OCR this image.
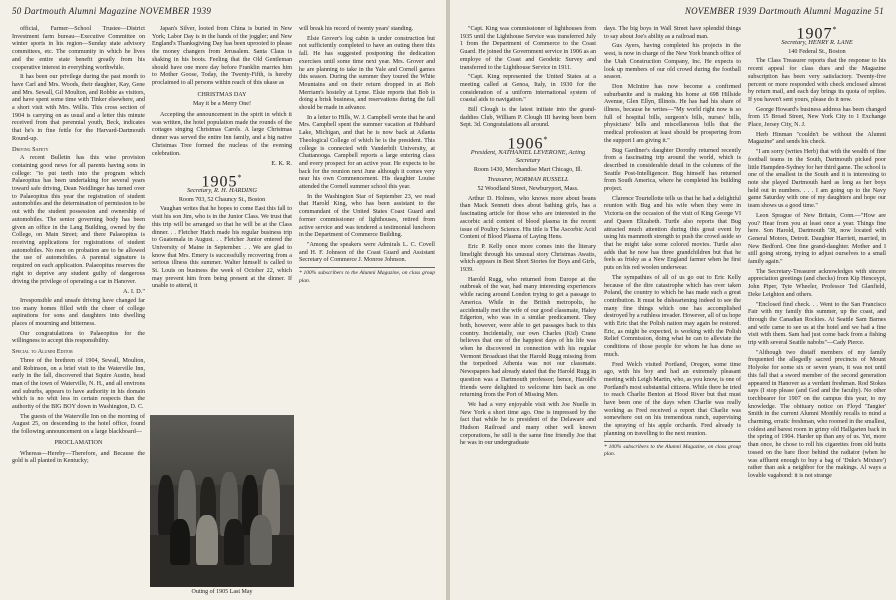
50 Dartmouth Alumni Magazine NOVEMBER 1939

official, Farmer—School Trustee—District Investment farm bureau—Executive Committee on winter sports in his region—Sunday state advisory committees, etc. The community in which he lives and the entire state benefit greatly from his cooperative interest in everything worthwhile.

It has been our privilege during the past month to have Carl and Mrs. Woods, their daughter, Kay, Gene and Mrs. Sewall, Gil Moulton, and Robbie as visitors, and have spent some time with Tinker elsewhere, and a short visit with Mrs. Willis. This cross section of 1904 is carrying on as usual and a letter this minute received from that perennial youth, Beck, indicates that he's in fine fettle for the Harvard-Dartmouth Round-up.

Driving Safety

A recent Bulletin has this wise provision containing good news for all parents having sons in college: "to put teeth into the program which Palaeopitus has been undertaking for several years toward safe driving, Dean Neidlinger has turned over to Palaeopitus this year the registration of student automobiles and the determination of permission to be out with the student possession and ownership of automobiles. The senior governing body has been given an office in the Lang Building, owned by the College, on Main Street; and there Palaeopitus is receiving applications for registrations of student automobiles. No men on probation are to be allowed the use of automobiles. A parental signature is required on each application. Palaeopitus reserves the right to deprive any student guilty of dangerous driving the privilege of operating a car in Hanover.

A. I. D."

Irresponsible and unsafe driving have changed far too many homes filled with the cheer of college aspirations for sons and daughters into dwelling places of mourning and bitterness.

Our congratulations to Palaeopitus for the willingness to accept this responsibility.

Special to Alumni Editor

Three of the brethren of 1904, Sewall, Moulton, and Robinson, on a brief visit to the Waterville Inn, early in the fall, discovered that Squire Austin, head man of the town of Waterville, N. H., and all environs and suburbs, appears to have authority in his domain which is no whit less in certain respects than the authority of the BIG BOY down in Washington, D. C.

The guests of the Waterville Inn on the morning of August 25, on descending to the hotel office, found the following announcement on a large blackboard—

PROCLAMATION

Whereas—Hereby—Therefore, and Because the gold is all planted in Kentucky;

Japan's Silver, looted from China is buried in New York; Labor Day is in the hands of the joggler; and New England's Thanksgiving Day has been uprooted to please the money changers from Jerusalem. Santa Claus is shaking in his boots. Feeling that the Old Gentleman should have one more day before Franklin marries him to Mother Goose, Today, the Twenty-Fifth, is hereby proclaimed to all persons within reach of this ukase as

CHRISTMAS DAY

May it be a Merry One!

Accepting the announcement in the spirit in which it was written, the hotel population made the rounds of the cottages singing Christmas Carols. A large Christmas dinner was served the entire Inn family, and a big native Christmas Tree formed the nucleus of the evening celebration.

E. K. R.

1905*

Secretary, R. H. HARDING

Room 703, 52 Chauncy St., Boston

Vaughan writes that he hopes to come East this fall to visit his son Jim, who is in the Junior Class. We trust that this trip will be arranged so that he will be at the Class dinner. . . Fletcher Hatch made his regular business trip to Guatemala in August. . . Fletcher Junior entered the University of Maine in September. . . We are glad to know that Mrs. Emery is successfully recovering from a serious illness this summer. Walter himself is called to St. Louis on business the week of October 22, which may prevent him from being present at the dinner. If unable to attend, it

will break his record of twenty years' standing.

Elsie Grover's log cabin is under construction but not sufficiently completed to have an outing there this fall. He has suggested postponing the dedication exercises until some time next year. Mrs. Grover and he are planning to take in the Yale and Cornell games this season. During the summer they toured the White Mountains and on their return dropped in at Bob Merriam's hostelry at Lyme. Elsie reports that Bob is doing a brisk business, and reservations during the fall should be made in advance.

In a letter to Hills, W. J. Campbell wrote that he and Mrs. Campbell spent the summer vacation at Hubbard Lake, Michigan, and that he is now back at Atlanta Theological College of which he is the president. This college is connected with Vanderbilt University, at Chattanooga. Campbell reports a large entering class and every prospect for an active year. He expects to be back for the reunion next June although it comes very near his own Commencement. His daughter Louise attended the Cornell summer school this year.

In the Washington Star of September 23, we read that Harold King, who has been assistant to the commandant of the United States Coast Guard and former commissioner of lighthouses, retired from active service and was tendered a testimonial luncheon in the Department of Commerce Building.

"Among the speakers were Admirals L. C. Covell and H. F. Johnson of the Coast Guard and Assistant Secretary of Commerce J. Monroe Johnson.

* 100% subscribers to the Alumni Magazine, on class group plan.

Outing of 1905 Last May
NOVEMBER 1939 Dartmouth Alumni Magazine 51

"Capt. King was commissioner of lighthouses from 1935 until the Lighthouse Service was transferred July 1 from the Department of Commerce to the Coast Guard. He joined the Government service in 1906 as an employe of the Coast and Geodetic Survey and transferred to the Lighthouse Service in 1911.

"Capt. King represented the United States at a meeting called at Genoa, Italy, in 1930 for the consideration of a uniform international system of coastal aids to navigation."

Bill Clough is the latest initiate into the grand-daddies Club, William P. Clough III having been born Sept. 3d. Congratulations all around.

1906*

President, NATHANIEL LEVERONE, Acting Secretary

Room 1430, Merchandise Mart Chicago, Ill.

Treasurer, NORMAN RUSSELL

52 Woodland Street, Newburyport, Mass.

Arthur D. Holmes, who knows more about beans than Mack Sennett does about bathing girls, has a fascinating article for those who are interested in the ascorbic acid content of blood plasma in the recent issue of Poultry Science. His title is The Ascorbic Acid Content of Blood Plasma of Laying Hens.

Eric P. Kelly once more comes into the literary limelight through his unusual story Christmas Awaits, which appears in Best Short Stories for Boys and Girls, 1939.

Harold Rugg, who returned from Europe at the outbreak of the war, had many interesting experiences while racing around London trying to get a passage to America. While in the British metropolis, he accidentally met the wife of our good classmate, Haley Edgerton, who was in a similar predicament. They both, however, were able to get passages back to this country. Incidentally, our own Charles (Kid) Crane believes that one of the happiest days of his life was when he discovered in connection with his regular Vermont Broadcast that the Harold Rugg missing from the torpedoed Athenia was not our classmate. Newspapers had already stated that the Harold Rugg in question was a Dartmouth professor; hence, Harold's friends were delighted to welcome him back as one returning from the Port of Missing Men.

We had a very enjoyable visit with Joe Nuelle in New York a short time ago. One is impressed by the fact that while he is president of the Delaware and Hudson Railroad and many other well known corporations, he still is the same fine friendly Joe that he was in our undergraduate

days. The big boys in Wall Street have splendid things to say about Joe's ability as a railroad man.

Gus Ayers, having completed his projects in the west, is now in charge of the New York branch office of the Utah Construction Company, Inc. He expects to look up members of our old crowd during the football season.

Don McIntire has now become a confirmed suburbanite and is making his home at 698 Hillside Avenue, Glen Ellyn, Illinois. He has had his share of illness, because he writes—"My world right now is so full of hospital bills, surgeon's bills, nurses' bills, physicians' bills and miscellaneous bills that the medical profession at least should be prospering from the support I am giving it."

Bug Gardiner's daughter Dorothy returned recently from a fascinating trip around the world, which is described in considerable detail in the columns of the Seattle Post-Intelligencer. Bug himself has returned from South America, where he completed his building project.

Clarence Tourtellotte tells us that he had a delightful reunion with Bug and his wife when they were in Victoria on the occasion of the visit of King George VI and Queen Elizabeth. Turtle also reports that Bug attracted much attention during this great event by using his mammoth strength to push the crowd aside so that he might take some colored movies. Turtle also adds that he now has three grandchildren but that he feels as frisky as a New England farmer when he first puts on his red woolen underwear.

The sympathies of all of us go out to Eric Kelly because of the dire catastrophe which has over taken Poland, the country to which he has made such a great contribution. It must be disheartening indeed to see the many fine things which one has accomplished destroyed by a ruthless invader. However, all of us hope with Eric that the Polish nation may again be restored. Eric, as might be expected, is working with the Polish Relief Commission, doing what he can to alleviate the conditions of those people for whom he has done so much.

Fred Welch visited Portland, Oregon, some time ago, with his boy and had an extremely pleasant meeting with Leigh Martin, who, as you know, is one of Portland's most substantial citizens. While there he tried to reach Charlie Benton at Hood River but that must have been one of the days when Charlie was really working as Fred received a report that Charlie was somewhere out on his tremendous ranch, supervising the spraying of his apple orchards. Fred already is planning on travelling to the next reunion.

* 100% subscribers to the Alumni Magazine, on class group plan.

1907*

Secretary, HENRY R. LANE

140 Federal St., Boston

The Class Treasurer reports that the response to his recent appeal for class dues and the Magazine subscription has been very satisfactory. Twenty-five percent or more responded with check enclosed almost by return mail, and each day brings its quota of replies. If you haven't sent yours, please do it now.

George Howard's business address has been changed from 15 Broad Street, New York City to 1 Exchange Place, Jersey City, N. J.

Herb Hinman "couldn't be without the Alumni Magazine" and sends his check.

"I am sorry (writes Herb) that with the wealth of fine football teams in the South, Dartmouth picked poor little Hampden-Sydney for her third game. The school is one of the smallest in the South and it is interesting to note she played Dartmouth hard as long as her boys held out in numbers. . . . I am going up to the Navy game Saturday with one of my daughters and hope our team shows us a good time."

Leon Sprague of New Britain, Conn.—"How are you? Hear from you at least once a year. Things fine here. Son Harold, Dartmouth '38, now located with General Motors, Detroit. Daughter Harriett, married, in New Bedford. One fine grand-daughter. Mother and I still going strong, trying to adjust ourselves to a small family again."

The Secretary-Treasurer acknowledges with sincere appreciation greetings (and checks) from Kip Henceypt, John Piper, Tyte Wheeler, Professor Ted Glanfield, Deke Leighton and others.

"Enclosed find check. . . Went to the San Francisco Fair with my family this summer, up the coast, and through the Canadian Rockies. At Seattle Sam Barnes and wife came to see us at the hotel and we had a fine visit with them. Sam had just come back from a fishing trip with several Seattle nabobs"—Cady Pierce.

"Although two distaff members of my family frequented the allegedly sacred precincts of Mount Holyoke for some six or seven years, it was not until this fall that a sword member of the second generation appeared in Hanover as a verdant freshman. Rod Stokes says (I stop please (and God and the faculty). No other torchbearer for 1907 on the campus this year, to my knowledge. The obituary notice on Floyd 'Tangier' Smith in the current Alumni Monthly recalls to mind a charming, erratic freshman, who roomed in the smallest, coldest and barest room in grimy old Hallgarten back in the spring of 1904. Harder up than any of us. Yet, more than once, he chose to roll his cigarettes from old butts tossed on the bare floor behind the radiator (when he was affluent enough to buy a bag of 'Duke's Mixture') rather than ask a neighbor for the makings. Al ways a lovable vagabond: it is not strange
